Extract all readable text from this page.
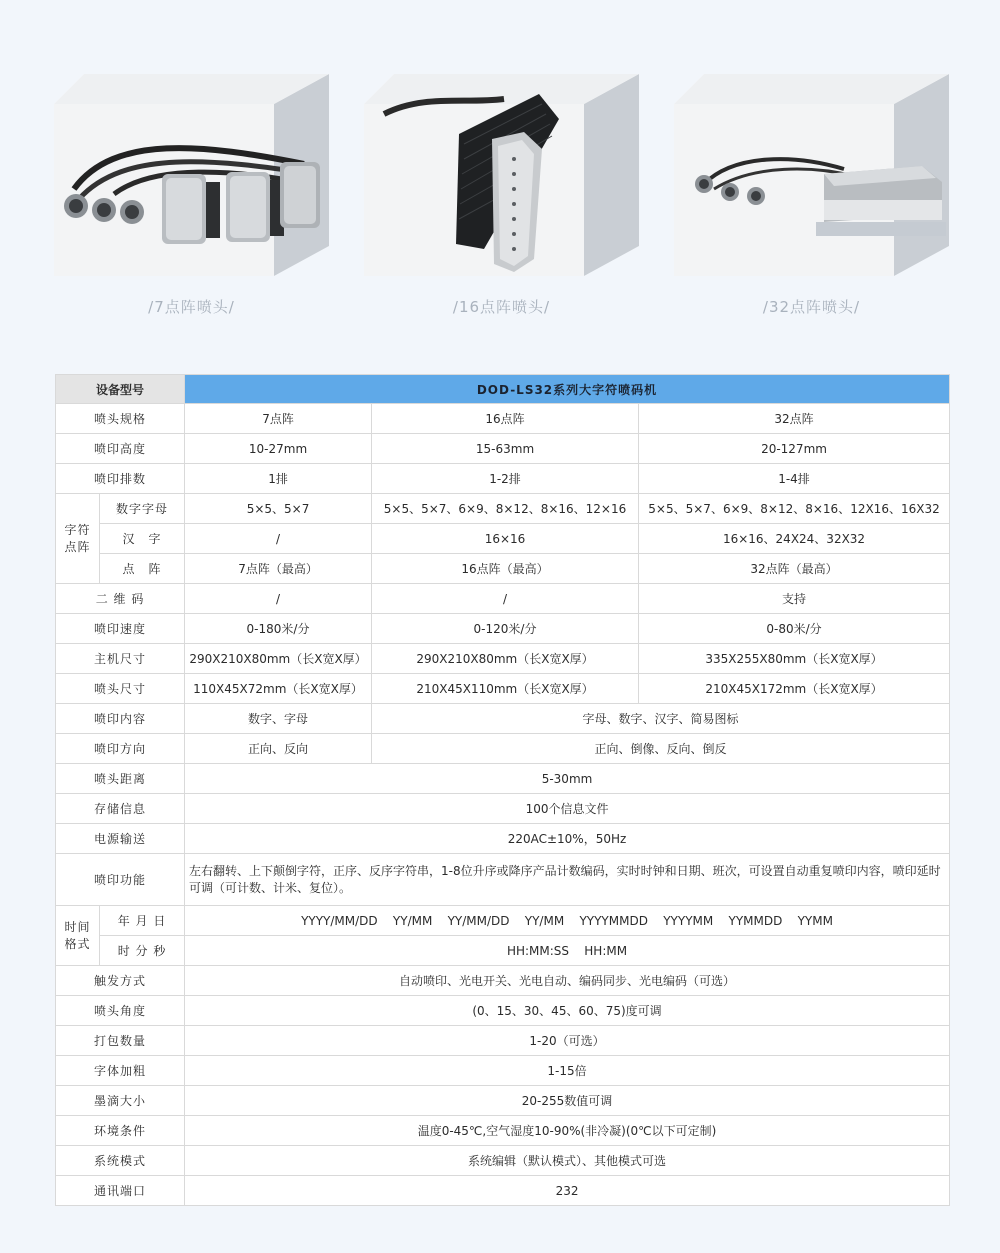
/7点阵喷头/	/16点阵喷头/	/32点阵喷头/
设备型号		DOD-LS32系列大字符喷码机		
喷头规格		7点阵	16点阵	32点阵
喷印高度		10-27mm	15-63mm	20-127mm
喷印排数		1排	1-2排	1-4排
字符点阵	数字字母	5×5、5×7	5×5、5×7、6×9、8×12、8×16、12×16	5×5、5×7、6×9、8×12、8×16、12X16、16X32
	汉　字	/	16×16	16×16、24X24、32X32
	点　阵	7点阵（最高）	16点阵（最高）	32点阵（最高）
二 维 码		/	/	支持
喷印速度		0-180米/分	0-120米/分	0-80米/分
主机尺寸		290X210X80mm（长X宽X厚）	290X210X80mm（长X宽X厚）	335X255X80mm（长X宽X厚）
喷头尺寸		110X45X72mm（长X宽X厚）	210X45X110mm（长X宽X厚）	210X45X172mm（长X宽X厚）
喷印内容		数字、字母	字母、数字、汉字、简易图标	
喷印方向		正向、反向	正向、倒像、反向、倒反	
喷头距离		5-30mm		
存储信息		100个信息文件		
电源输送		220AC±10%，50Hz		
喷印功能		左右翻转、上下颠倒字符，正序、反序字符串，1-8位升序或降序产品计数编码，实时时钟和日期、班次，可设置自动重复喷印内容，喷印延时可调（可计数、计米、复位）。		
时间格式	年 月 日	YYYY/MM/DD    YY/MM    YY/MM/DD    YY/MM    YYYYMMDD    YYYYMM    YYMMDD    YYMM		
	时 分 秒	HH:MM:SS    HH:MM		
触发方式		自动喷印、光电开关、光电自动、编码同步、光电编码（可选）		
喷头角度		(0、15、30、45、60、75)度可调		
打包数量		1-20（可选）		
字体加粗		1-15倍		
墨滴大小		20-255数值可调		
环境条件		温度0-45℃,空气湿度10-90%(非冷凝)(0℃以下可定制)		
系统模式		系统编辑（默认模式）、其他模式可选		
通讯端口		232		
